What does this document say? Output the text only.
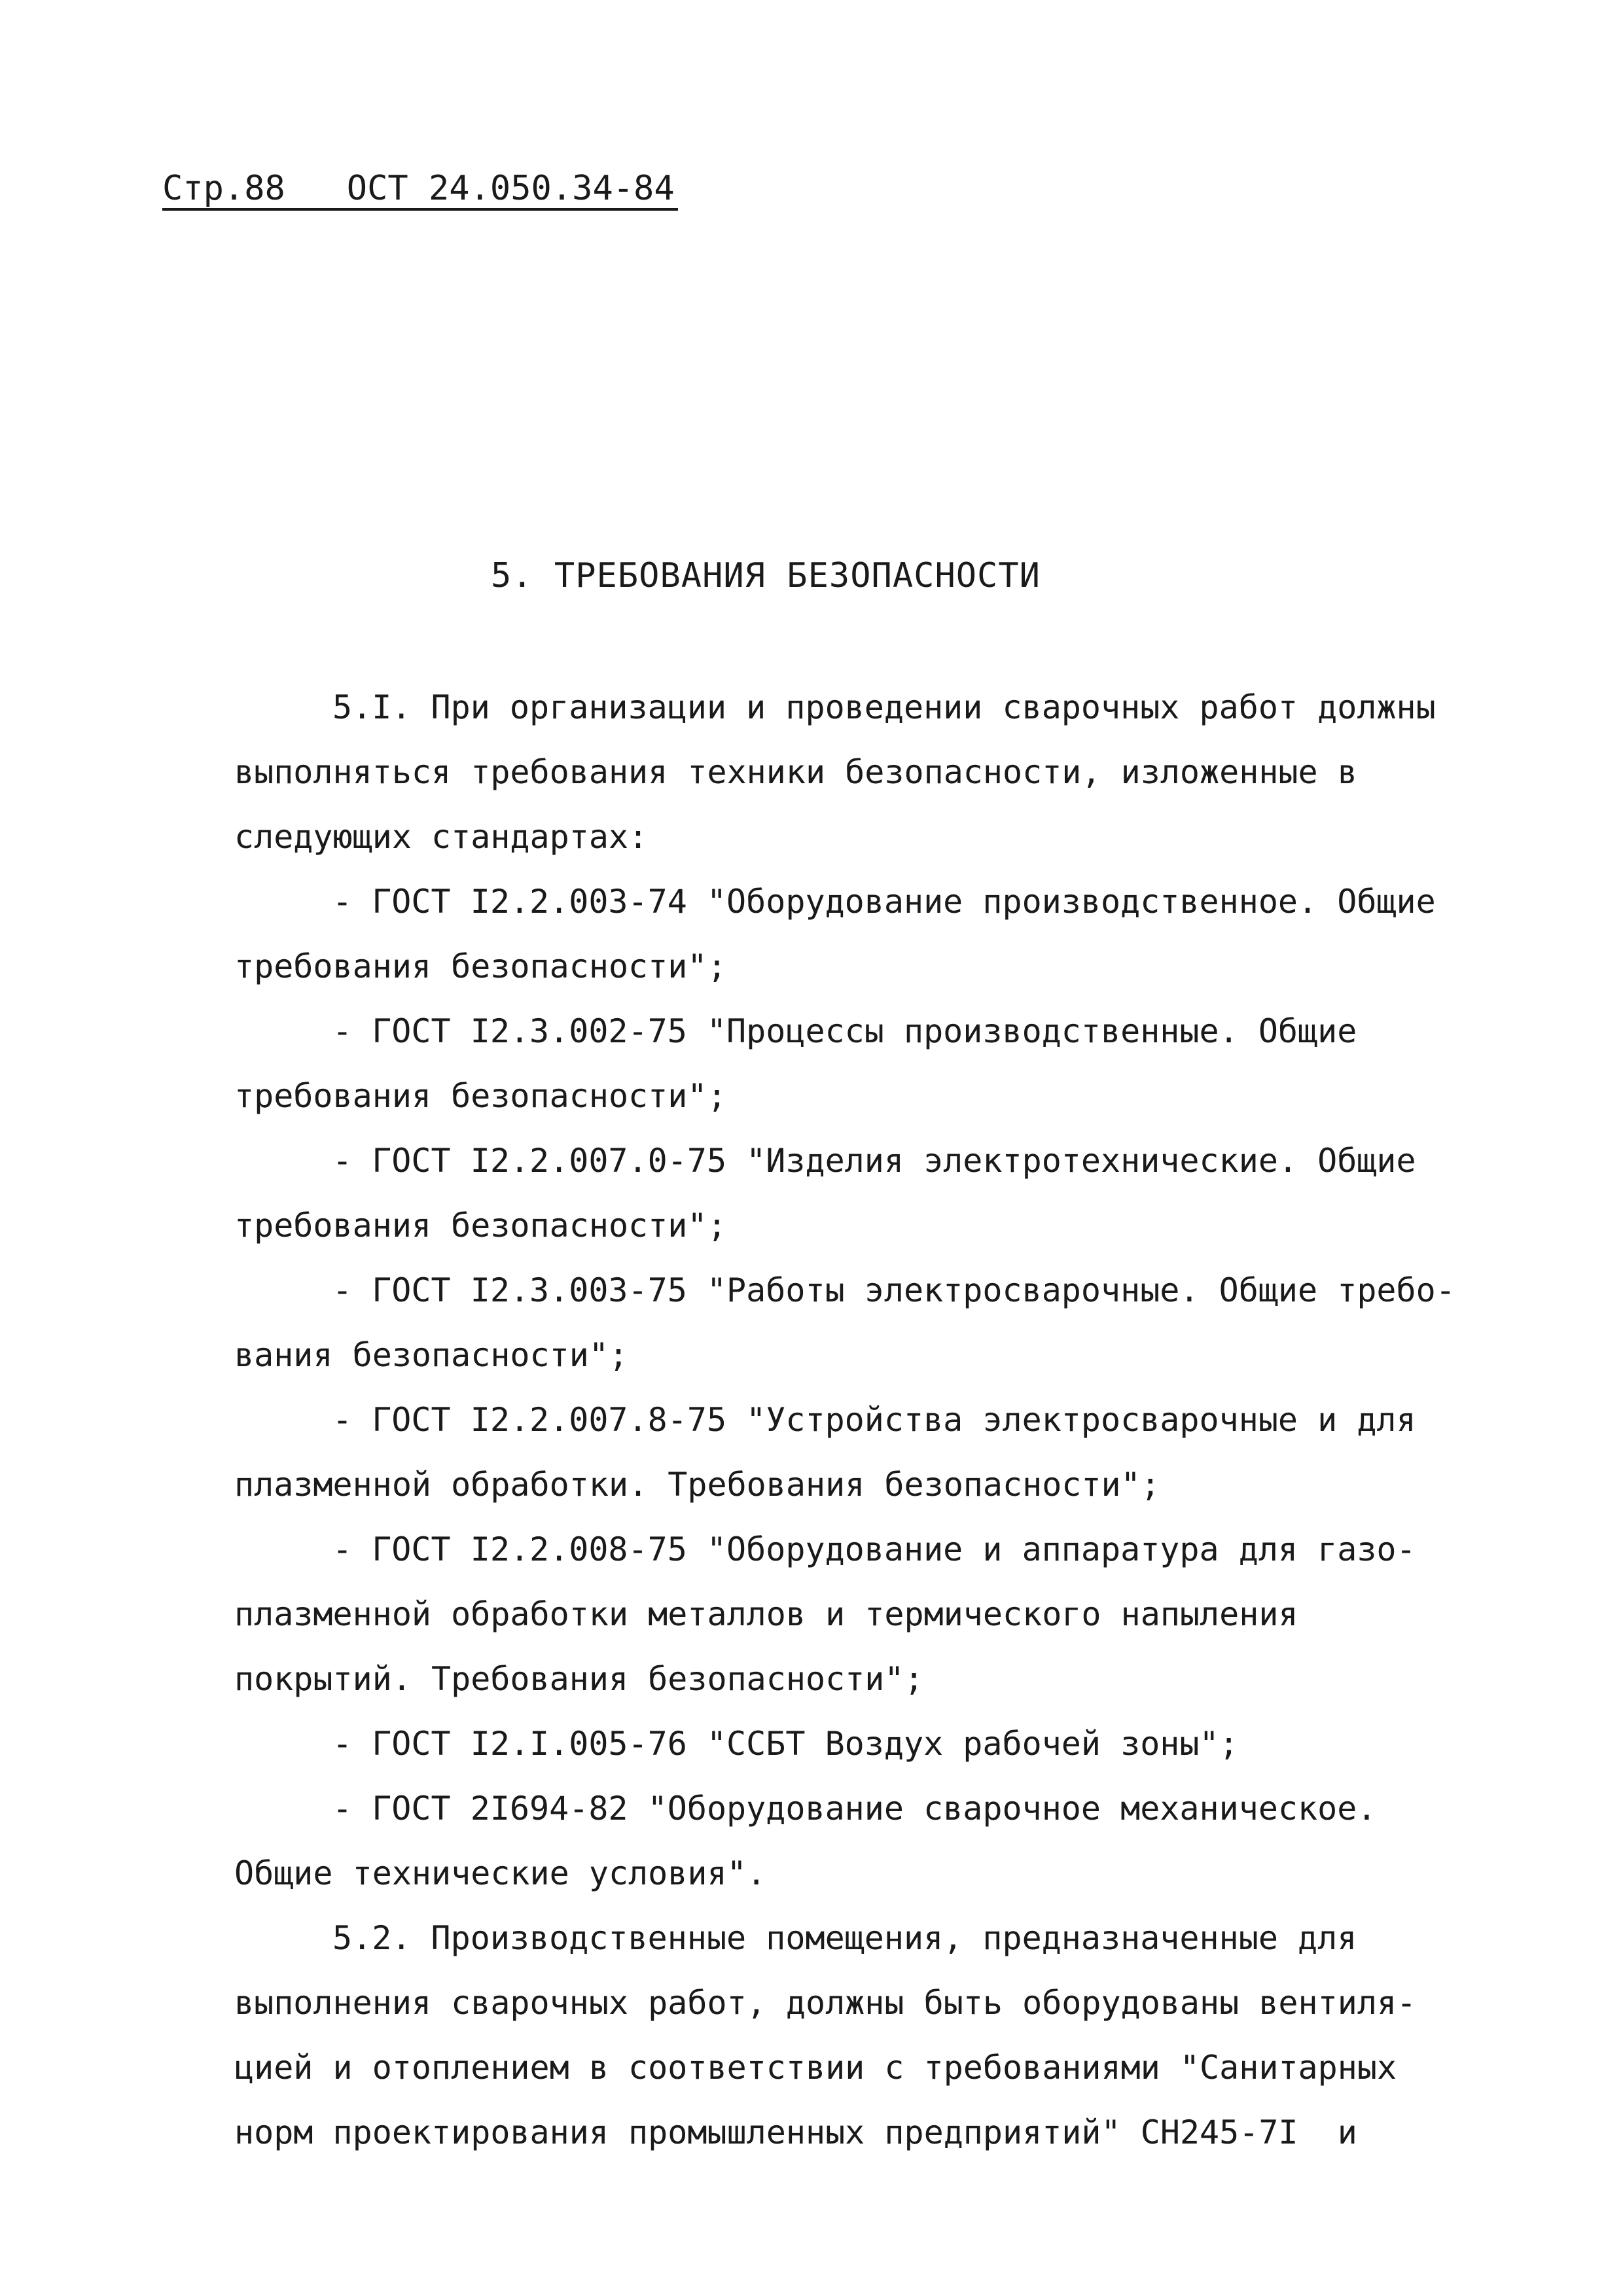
Стр.88   ОСТ 24.050.34-84
5. ТРЕБОВАНИЯ БЕЗОПАСНОСТИ
5.I. При организации и проведении сварочных работ должны
выполняться требования техники безопасности, изложенные в
следующих стандартах:
- ГОСТ I2.2.003-74 "Оборудование производственное. Общие
требования безопасности";
- ГОСТ I2.3.002-75 "Процессы производственные. Общие
требования безопасности";
- ГОСТ I2.2.007.0-75 "Изделия электротехнические. Общие
требования безопасности";
- ГОСТ I2.3.003-75 "Работы электросварочные. Общие требо-
вания безопасности";
- ГОСТ I2.2.007.8-75 "Устройства электросварочные и для
плазменной обработки. Требования безопасности";
- ГОСТ I2.2.008-75 "Оборудование и аппаратура для газо-
плазменной обработки металлов и термического напыления
покрытий. Требования безопасности";
- ГОСТ I2.I.005-76 "ССБТ Воздух рабочей зоны";
- ГОСТ 2I694-82 "Оборудование сварочное механическое.
Общие технические условия".
5.2. Производственные помещения, предназначенные для
выполнения сварочных работ, должны быть оборудованы вентиля-
цией и отоплением в соответствии с требованиями "Санитарных
норм проектирования промышленных предприятий" СН245-7I  и
